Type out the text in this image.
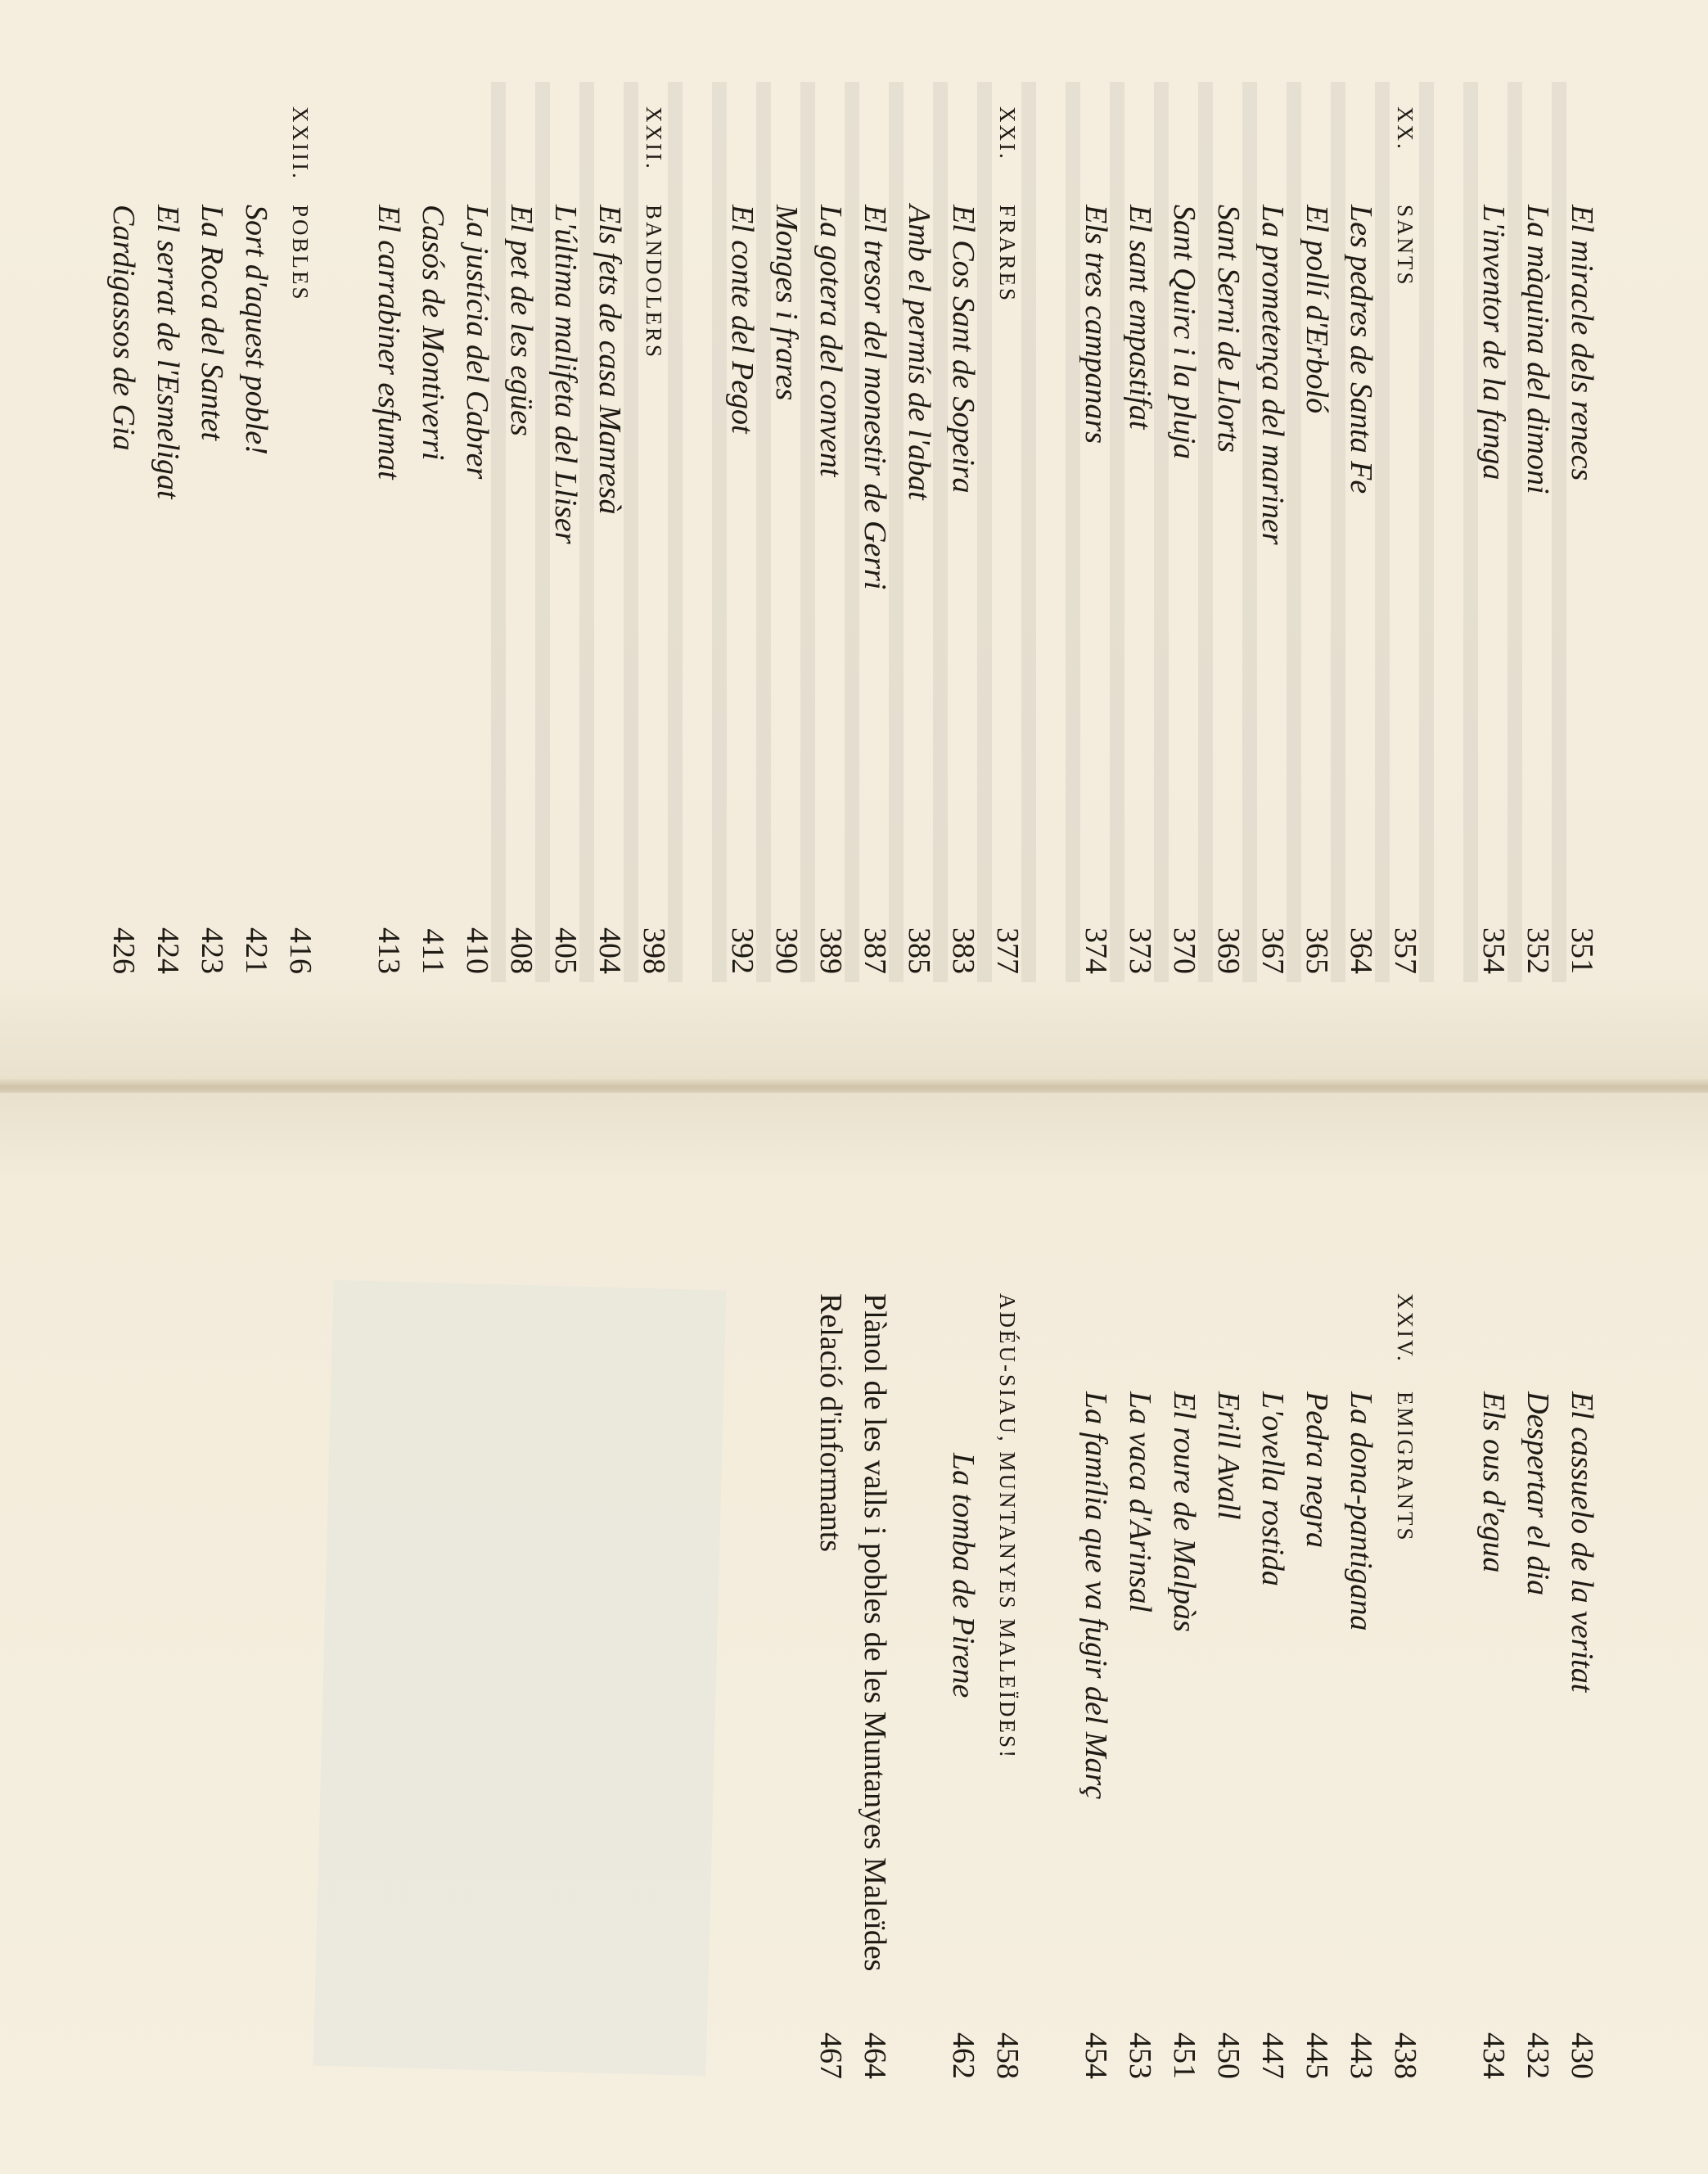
El miracle dels renecs
351
La màquina del dimoni
352
L'inventor de la fanga
354
XX.
SANTS
357
Les pedres de Santa Fe
364
El pollí d'Erboló
365
La prometença del mariner
367
Sant Serni de Llorts
369
Sant Quirc i la pluja
370
El sant empastifat
373
Els tres campanars
374
XXI.
FRARES
377
El Cos Sant de Sopeira
383
Amb el permís de l'abat
385
El tresor del monestir de Gerri
387
La gotera del convent
389
Monges i frares
390
El conte del Pegot
392
XXII.
BANDOLERS
398
Els fets de casa Manresà
404
L'última malifeta del Lliser
405
El pet de les egües
408
La justícia del Cabrer
410
Casós de Montiverri
411
El carrabiner esfumat
413
XXIII.
POBLES
416
Sort d'aquest poble!
421
La Roca del Santet
423
El serrat de l'Esmeligat
424
Cardigassos de Gia
426
El cassuelo de la veritat
430
Despertar el dia
432
Els ous d'egua
434
XXIV.
EMIGRANTS
438
La dona-pantigana
443
Pedra negra
445
L'ovella rostida
447
Erill Avall
450
El roure de Malpàs
451
La vaca d'Arinsal
453
La família que va fugir del Març
454
ADÉU-SIAU, MUNTANYES MALEÏDES!
458
La tomba de Pirene
462
Plànol de les valls i pobles de les Muntanyes Maleïdes
464
Relació d'informants
467
